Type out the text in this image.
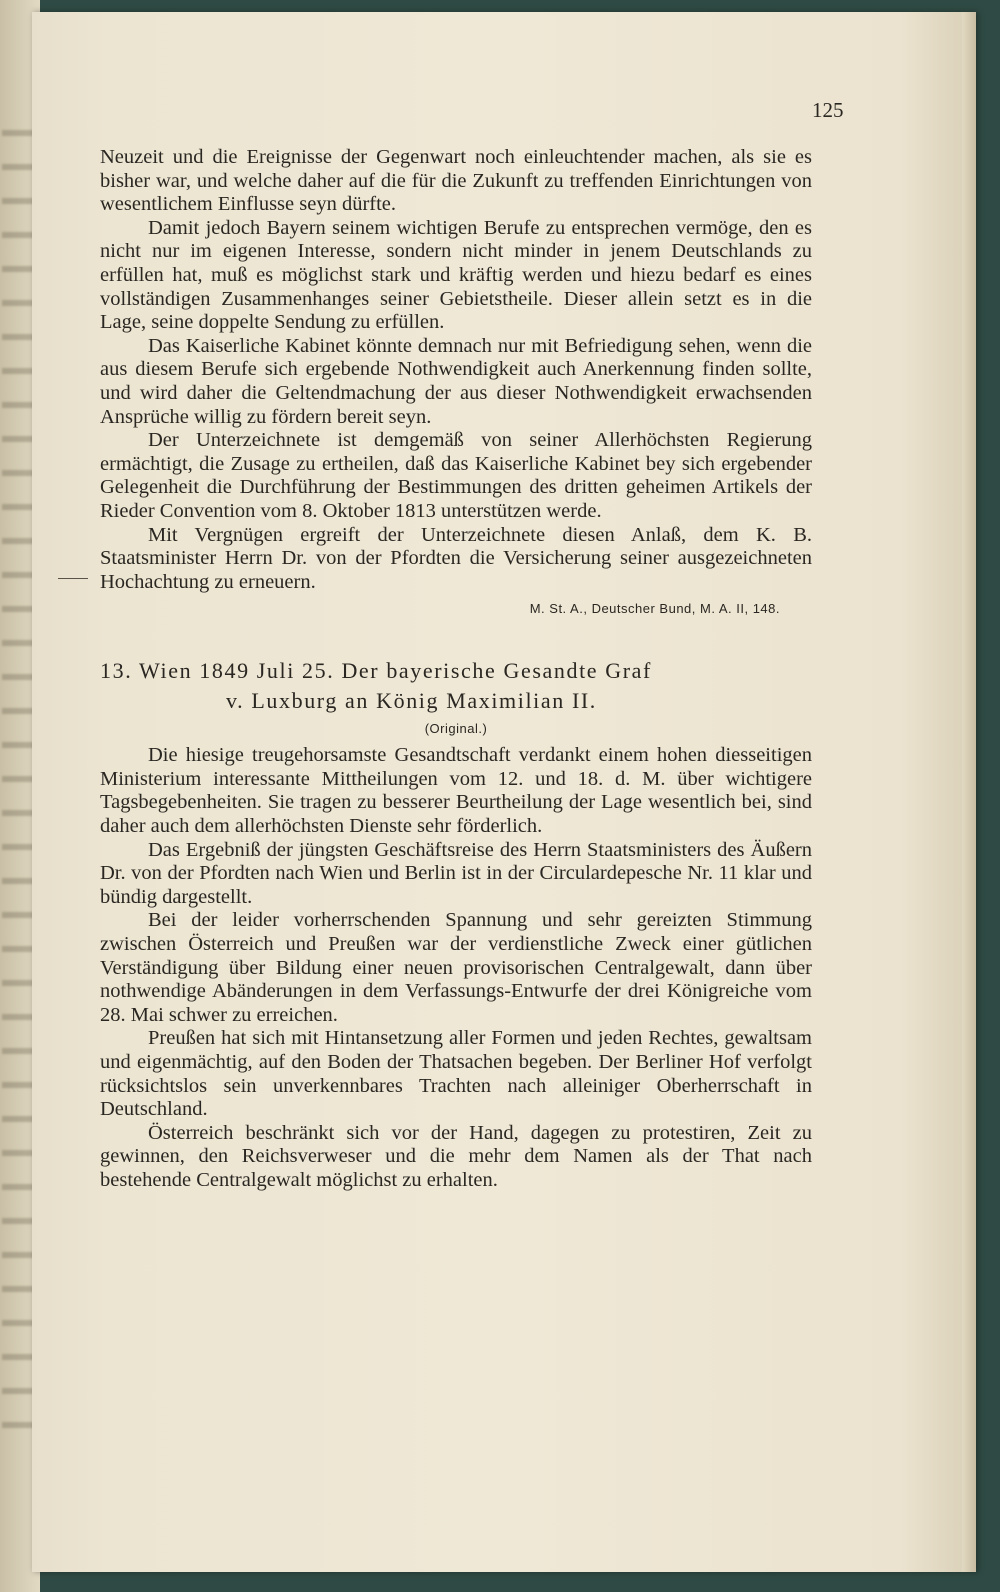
125

Neuzeit und die Ereignisse der Gegenwart noch einleuchtender machen, als sie es bisher war, und welche daher auf die für die Zukunft zu treffenden Einrichtungen von wesentlichem Einflusse seyn dürfte.

Damit jedoch Bayern seinem wichtigen Berufe zu entsprechen vermöge, den es nicht nur im eigenen Interesse, sondern nicht minder in jenem Deutschlands zu erfüllen hat, muß es möglichst stark und kräftig werden und hiezu bedarf es eines vollständigen Zusammenhanges seiner Gebietstheile. Dieser allein setzt es in die Lage, seine doppelte Sendung zu erfüllen.

Das Kaiserliche Kabinet könnte demnach nur mit Befriedigung sehen, wenn die aus diesem Berufe sich ergebende Nothwendigkeit auch Anerkennung finden sollte, und wird daher die Geltendmachung der aus dieser Nothwendigkeit erwachsenden Ansprüche willig zu fördern bereit seyn.

Der Unterzeichnete ist demgemäß von seiner Allerhöchsten Regierung ermächtigt, die Zusage zu ertheilen, daß das Kaiserliche Kabinet bey sich ergebender Gelegenheit die Durchführung der Bestimmungen des dritten geheimen Artikels der Rieder Convention vom 8. Oktober 1813 unterstützen werde.

Mit Vergnügen ergreift der Unterzeichnete diesen Anlaß, dem K. B. Staatsminister Herrn Dr. von der Pfordten die Versicherung seiner ausgezeichneten Hochachtung zu erneuern.

M. St. A., Deutscher Bund, M. A. II, 148.
13. Wien 1849 Juli 25. Der bayerische Gesandte Graf
v. Luxburg an König Maximilian II.
(Original.)

Die hiesige treugehorsamste Gesandtschaft verdankt einem hohen diesseitigen Ministerium interessante Mittheilungen vom 12. und 18. d. M. über wichtigere Tagsbegebenheiten. Sie tragen zu besserer Beurtheilung der Lage wesentlich bei, sind daher auch dem allerhöchsten Dienste sehr förderlich.

Das Ergebniß der jüngsten Geschäftsreise des Herrn Staatsministers des Äußern Dr. von der Pfordten nach Wien und Berlin ist in der Circulardepesche Nr. 11 klar und bündig dargestellt.

Bei der leider vorherrschenden Spannung und sehr gereizten Stimmung zwischen Österreich und Preußen war der verdienstliche Zweck einer gütlichen Verständigung über Bildung einer neuen provisorischen Centralgewalt, dann über nothwendige Abänderungen in dem Verfassungs-Entwurfe der drei Königreiche vom 28. Mai schwer zu erreichen.

Preußen hat sich mit Hintansetzung aller Formen und jeden Rechtes, gewaltsam und eigenmächtig, auf den Boden der Thatsachen begeben. Der Berliner Hof verfolgt rücksichtslos sein unverkennbares Trachten nach alleiniger Oberherrschaft in Deutschland.

Österreich beschränkt sich vor der Hand, dagegen zu protestiren, Zeit zu gewinnen, den Reichsverweser und die mehr dem Namen als der That nach bestehende Centralgewalt möglichst zu erhalten.
